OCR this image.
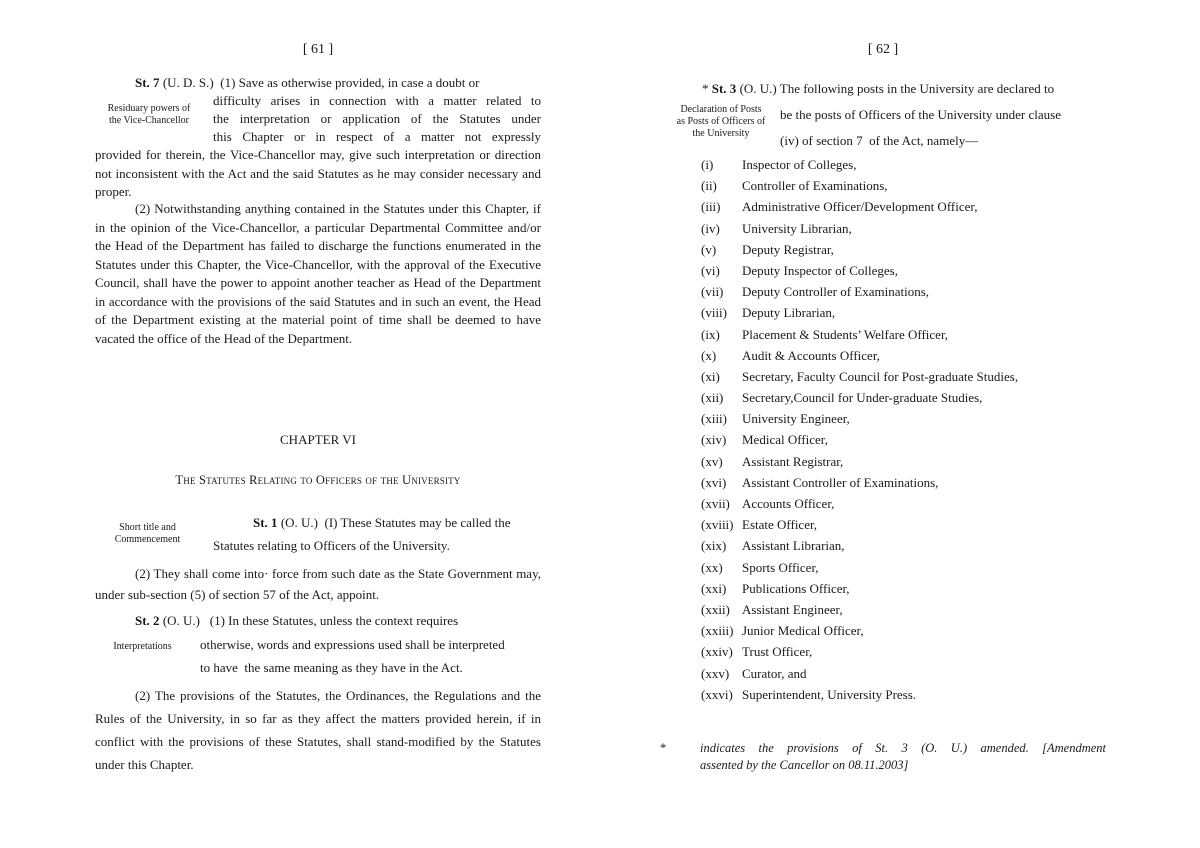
[ 61 ]
Residuary powers of
the Vice-Chancellor
St. 7 (U. D. S.) (1) Save as otherwise provided, in case a doubt or
difficulty arises in connection with a matter related to
the interpretation or application of the Statutes under
this Chapter or in respect of a matter not expressly

provided for therein, the Vice-Chancellor may, give such interpretation or direction not inconsistent with the Act and the said Statutes as he may consider necessary and proper.

(2) Notwithstanding anything contained in the Statutes under this Chapter, if in the opinion of the Vice-Chancellor, a particular Departmental Committee and/or the Head of the Department has failed to discharge the functions enumerated in the Statutes under this Chapter, the Vice-Chancellor, with the approval of the Executive Council, shall have the power to appoint another teacher as Head of the Department in accordance with the provisions of the said Statutes and in such an event, the Head of the Department existing at the material point of time shall be deemed to have vacated the office of the Head of the Department.

CHAPTER VI
The Statutes Relating to Officers of the University
Short title and
Commencement
St. 1 (O. U.) (I) These Statutes may be called the
Statutes relating to Officers of the University.

(2) They shall come into· force from such date as the State Government may, under sub-section (5) of section 57 of the Act, appoint.

St. 2 (O. U.) (1) In these Statutes, unless the context requires
Interpretations	otherwise, words and expressions used shall be interpreted
to have  the same meaning as they have in the Act.

(2) The provisions of the Statutes, the Ordinances, the Regulations and the Rules of the University, in so far as they affect the matters provided herein, if in conflict with the provisions of these Statutes, shall stand-modified by the Statutes under this Chapter.

[ 62 ]
* St. 3 (O. U.) The following posts in the University are declared to
Declaration of Posts
as Posts of Officers of
the University
be the posts of Officers of the University under clause
(iv) of section 7  of the Act, namely—
(i) Inspector of Colleges,
(ii) Controller of Examinations,
(iii) Administrative Officer/Development Officer,
(iv) University Librarian,
(v) Deputy Registrar,
(vi) Deputy Inspector of Colleges,
(vii) Deputy Controller of Examinations,
(viii) Deputy Librarian,
(ix) Placement & Students’ Welfare Officer,
(x) Audit & Accounts Officer,
(xi) Secretary, Faculty Council for Post-graduate Studies,
(xii) Secretary,Council for Under-graduate Studies,
(xiii) University Engineer,
(xiv) Medical Officer,
(xv) Assistant Registrar,
(xvi) Assistant Controller of Examinations,
(xvii) Accounts Officer,
(xviii) Estate Officer,
(xix) Assistant Librarian,
(xx) Sports Officer,
(xxi) Publications Officer,
(xxii) Assistant Engineer,
(xxiii) Junior Medical Officer,
(xxiv) Trust Officer,
(xxv) Curator, and
(xxvi) Superintendent, University Press.
*	indicates the provisions of St. 3 (O. U.) amended. [Amendment
assented by the Cancellor on 08.11.2003]
